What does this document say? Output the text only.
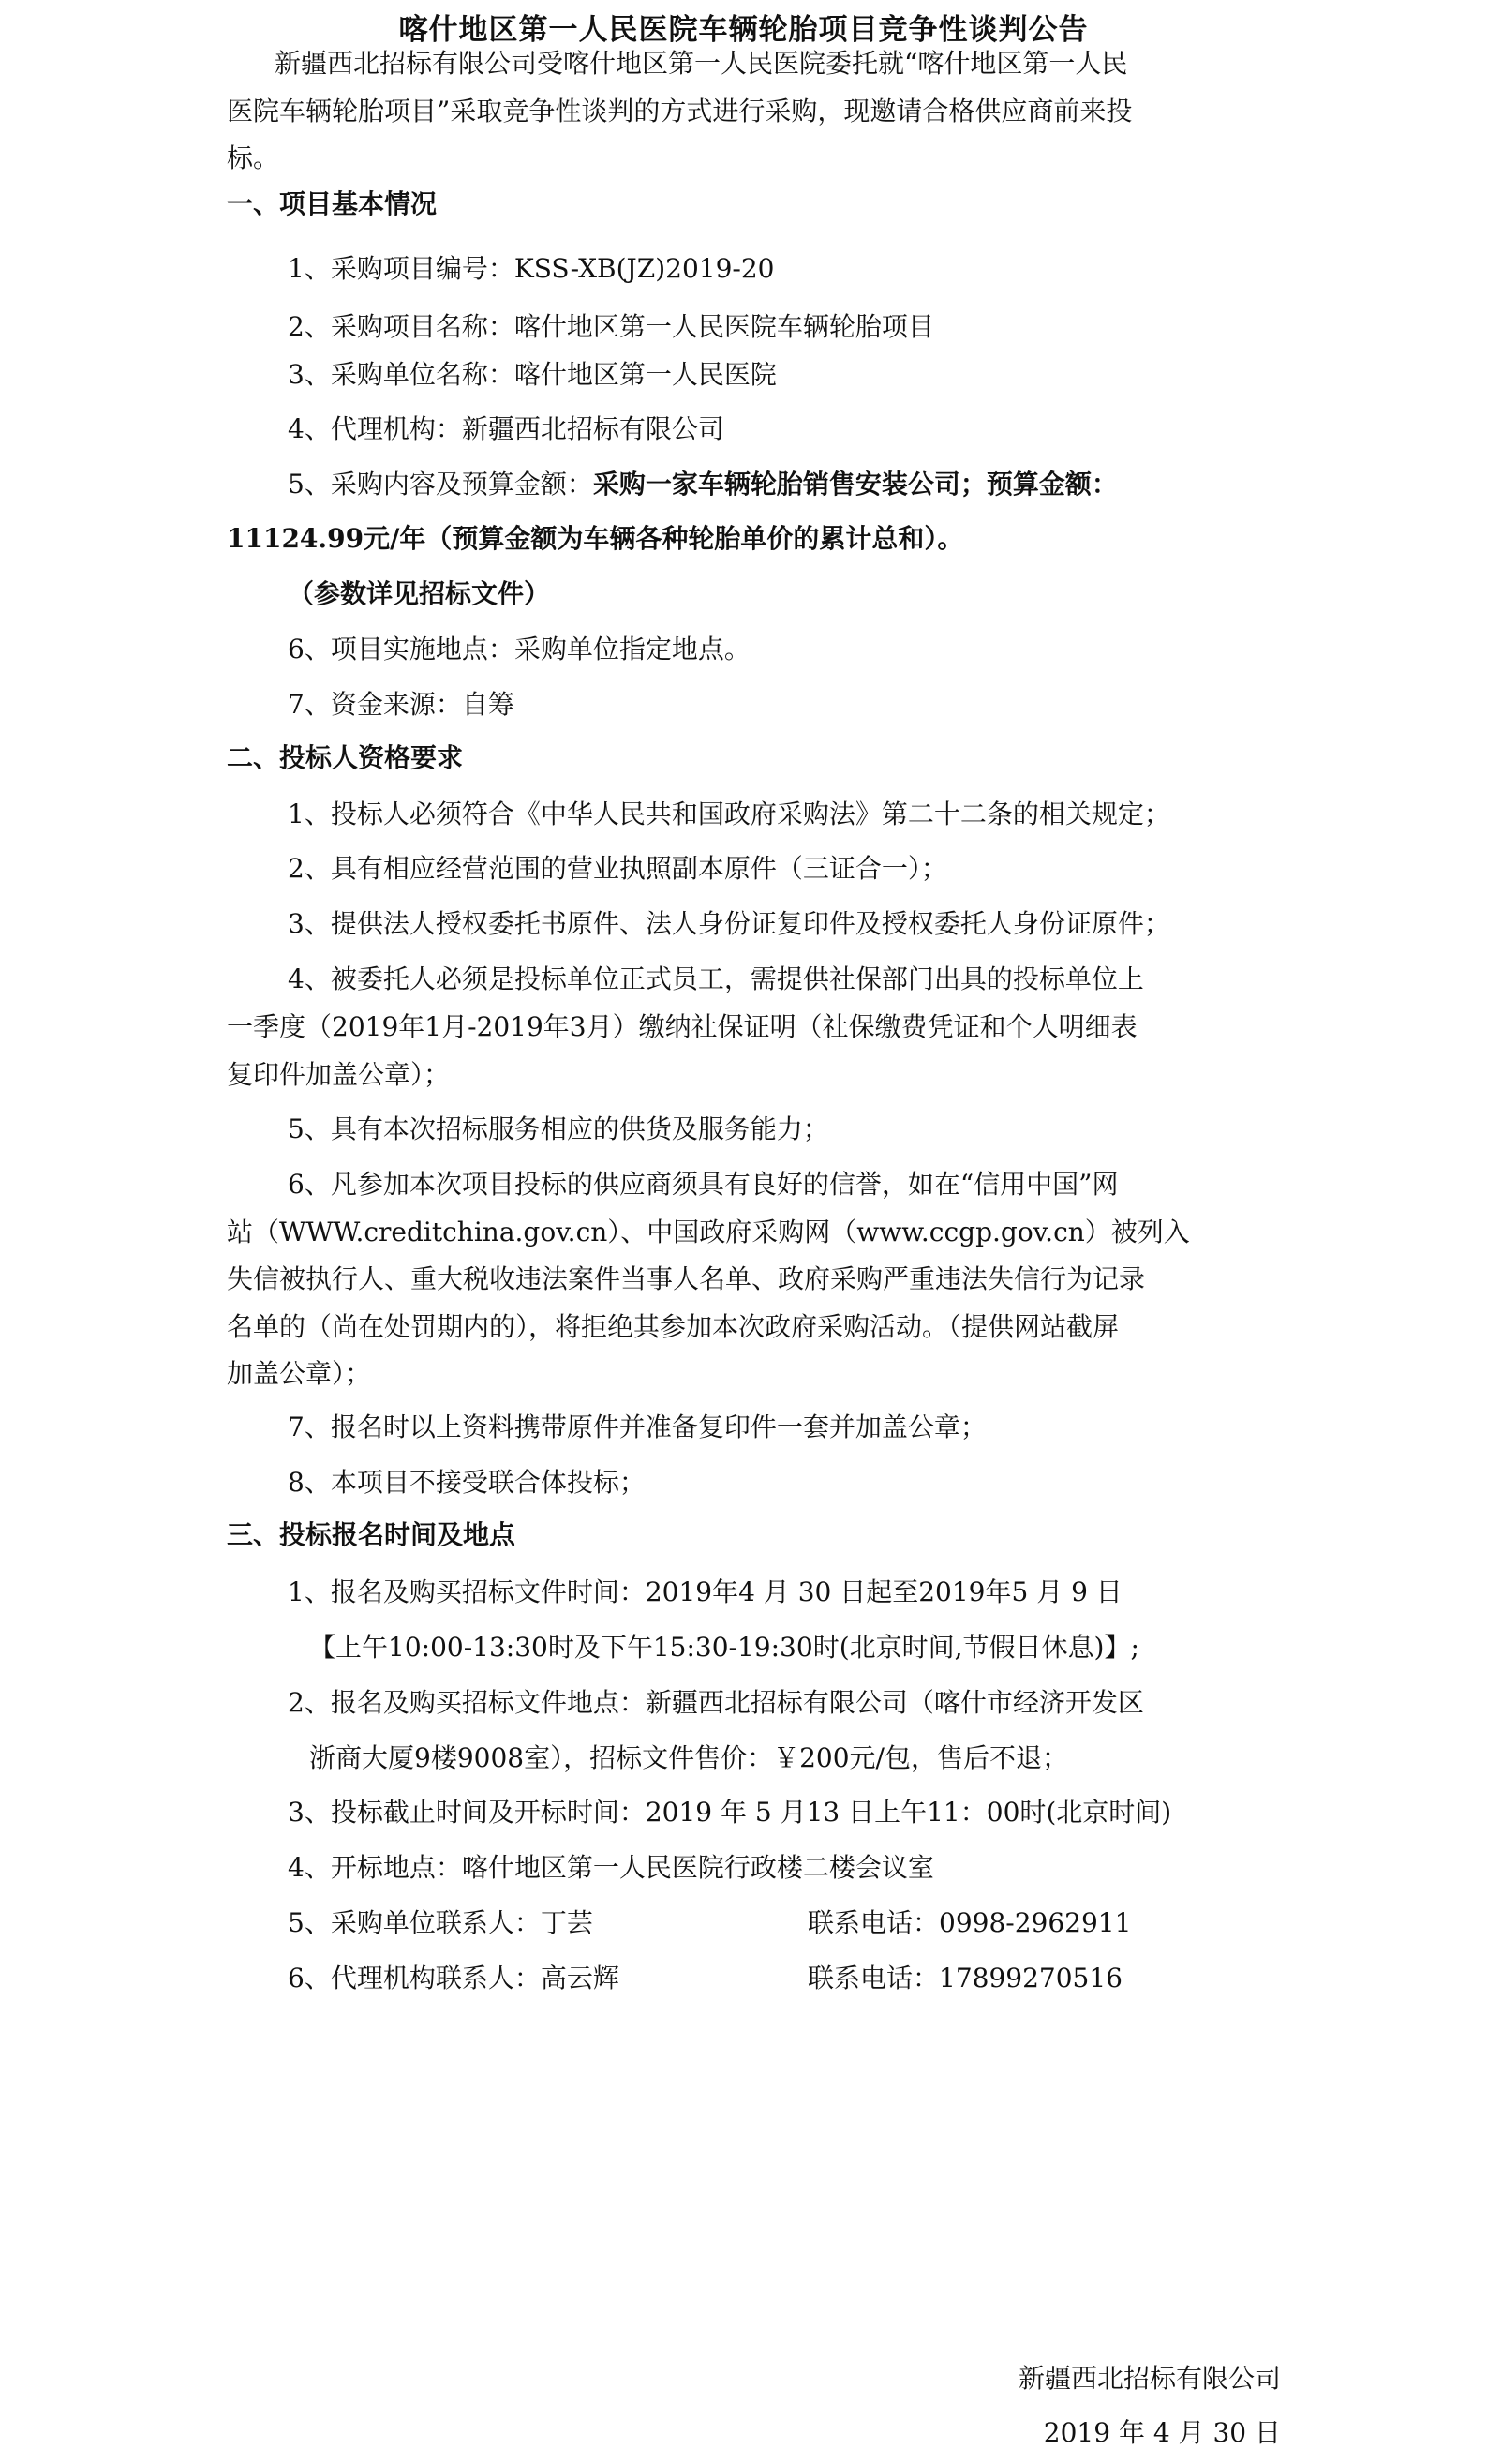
喀什地区第一人民医院车辆轮胎项目竞争性谈判公告
新疆西北招标有限公司受喀什地区第一人民医院委托就“喀什地区第一人民
医院车辆轮胎项目”采取竞争性谈判的方式进行采购，现邀请合格供应商前来投
标。
一、项目基本情况
1、采购项目编号：KSS-XB(JZ)2019-20
2、采购项目名称：喀什地区第一人民医院车辆轮胎项目
3、采购单位名称：喀什地区第一人民医院
4、代理机构：新疆西北招标有限公司
5、采购内容及预算金额：采购一家车辆轮胎销售安装公司；预算金额：
11124.99元/年（预算金额为车辆各种轮胎单价的累计总和）。
（参数详见招标文件）
6、项目实施地点：采购单位指定地点。
7、资金来源：自筹
二、投标人资格要求
1、投标人必须符合《中华人民共和国政府采购法》第二十二条的相关规定；
2、具有相应经营范围的营业执照副本原件（三证合一）；
3、提供法人授权委托书原件、法人身份证复印件及授权委托人身份证原件；
4、被委托人必须是投标单位正式员工，需提供社保部门出具的投标单位上
一季度（2019年1月-2019年3月）缴纳社保证明（社保缴费凭证和个人明细表
复印件加盖公章）；
5、具有本次招标服务相应的供货及服务能力；
6、凡参加本次项目投标的供应商须具有良好的信誉，如在“信用中国”网
站（WWW.creditchina.gov.cn）、中国政府采购网（www.ccgp.gov.cn）被列入
失信被执行人、重大税收违法案件当事人名单、政府采购严重违法失信行为记录
名单的（尚在处罚期内的），将拒绝其参加本次政府采购活动。（提供网站截屏
加盖公章）；
7、报名时以上资料携带原件并准备复印件一套并加盖公章；
8、本项目不接受联合体投标；
三、投标报名时间及地点
1、报名及购买招标文件时间：2019年4 月 30 日起至2019年5 月 9 日
【上午10:00-13:30时及下午15:30-19:30时(北京时间,节假日休息)】;
2、报名及购买招标文件地点：新疆西北招标有限公司（喀什市经济开发区
浙商大厦9楼9008室），招标文件售价：￥200元/包，售后不退；
3、投标截止时间及开标时间：2019 年 5 月13 日上午11：00时(北京时间)
4、开标地点：喀什地区第一人民医院行政楼二楼会议室
5、采购单位联系人：丁芸	联系电话：0998-2962911
6、代理机构联系人：高云辉	联系电话：17899270516
新疆西北招标有限公司
2019 年 4 月 30 日
